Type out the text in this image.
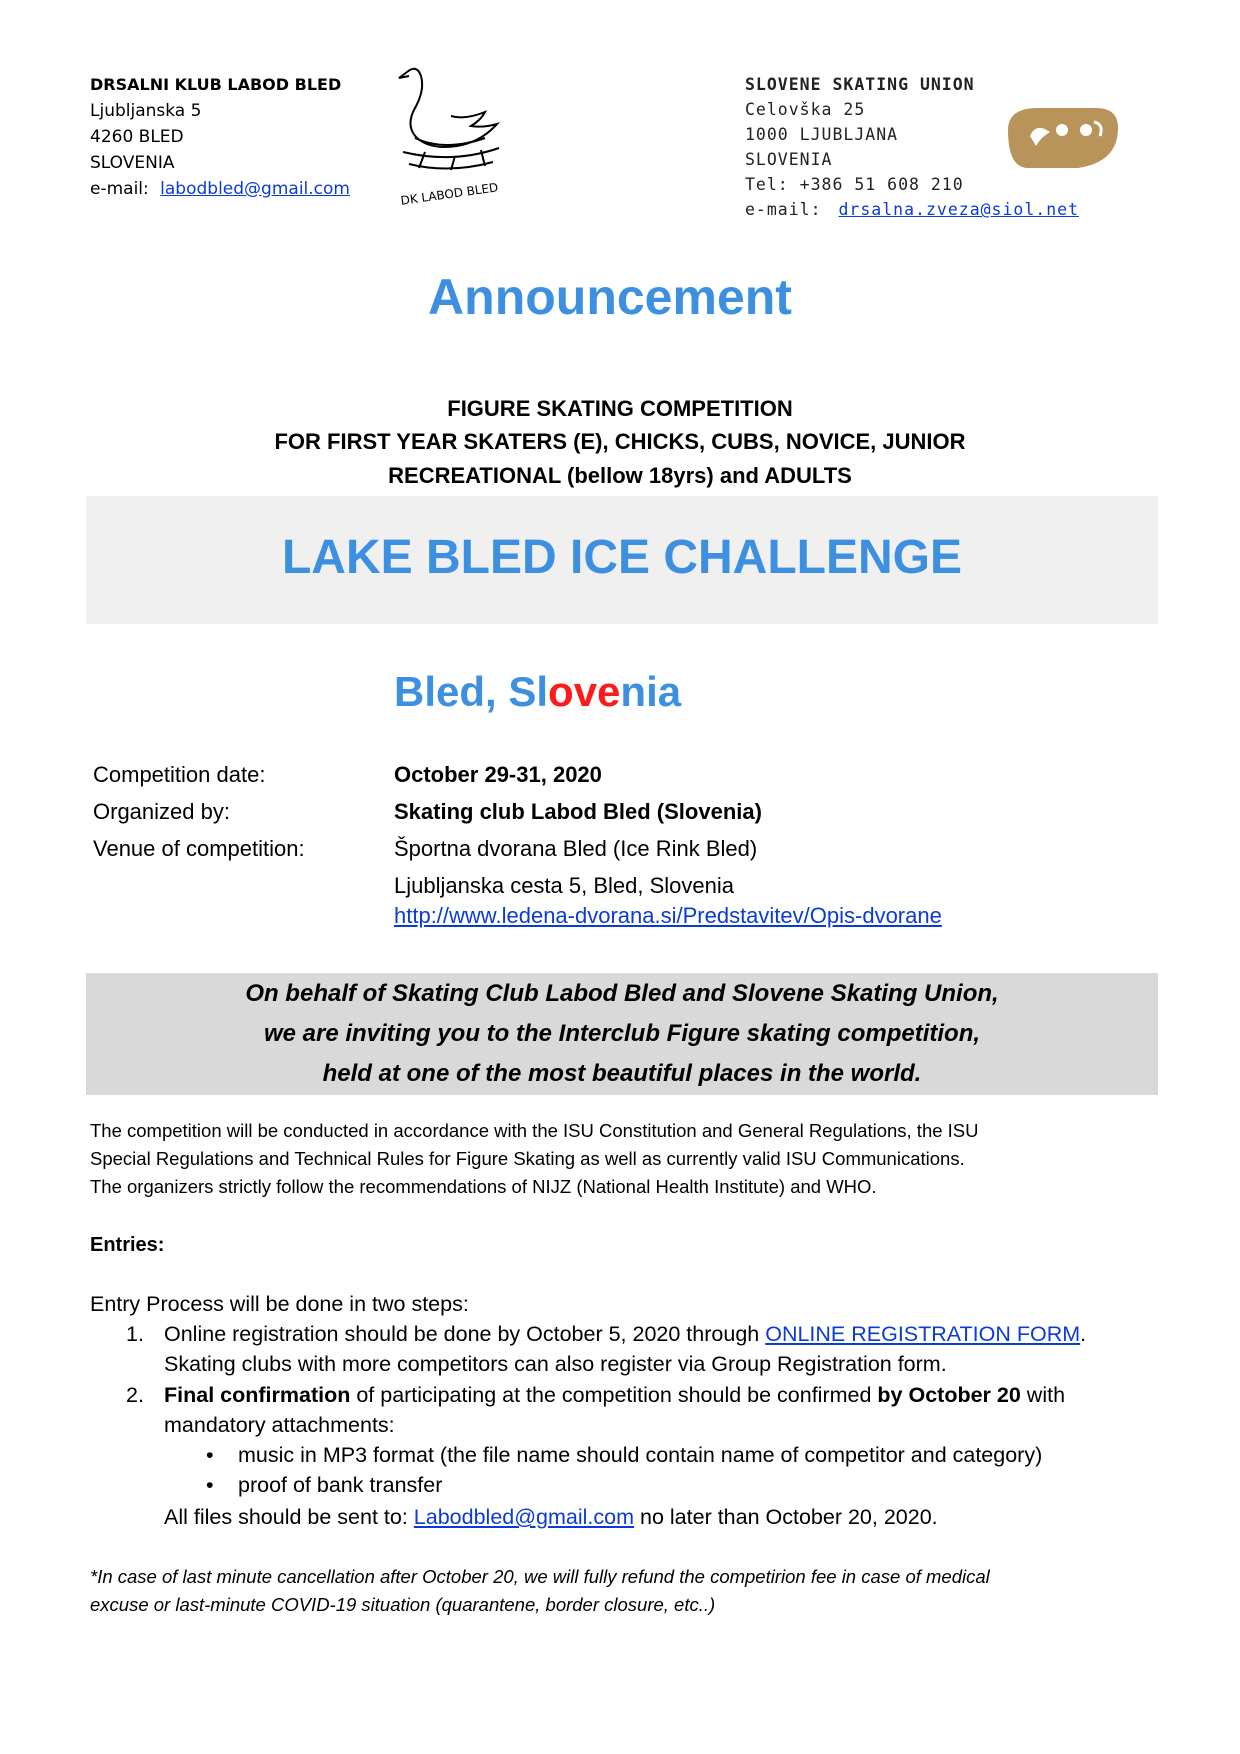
DRSALNI KLUB LABOD BLED
Ljubljanska 5
4260 BLED
SLOVENIA
e-mail: labodbled@gmail.com	DK LABOD BLED
SLOVENE SKATING UNION
Celovška 25
1000 LJUBLJANA
SLOVENIA
Tel: +386 51 608 210
e-mail: drsalna.zveza@siol.net
Announcement
FIGURE SKATING COMPETITION
FOR FIRST YEAR SKATERS (E), CHICKS, CUBS, NOVICE, JUNIOR
RECREATIONAL (bellow 18yrs) and ADULTS
LAKE BLED ICE CHALLENGE
Bled, Slovenia
Competition date:	October 29-31, 2020
Organized by:	Skating club Labod Bled (Slovenia)
Venue of competition:	Športna dvorana Bled (Ice Rink Bled)
Ljubljanska cesta 5, Bled, Slovenia
http://www.ledena-dvorana.si/Predstavitev/Opis-dvorane
On behalf of Skating Club Labod Bled and Slovene Skating Union,
we are inviting you to the Interclub Figure skating competition,
held at one of the most beautiful places in the world.
The competition will be conducted in accordance with the ISU Constitution and General Regulations, the ISU
Special Regulations and Technical Rules for Figure Skating as well as currently valid ISU Communications.
The organizers strictly follow the recommendations of NIJZ (National Health Institute) and WHO.
Entries:
Entry Process will be done in two steps:
1. Online registration should be done by October 5, 2020 through ONLINE REGISTRATION FORM.
Skating clubs with more competitors can also register via Group Registration form.
2. Final confirmation of participating at the competition should be confirmed by October 20 with
mandatory attachments:
• music in MP3 format (the file name should contain name of competitor and category)
• proof of bank transfer
All files should be sent to: Labodbled@gmail.com no later than October 20, 2020.
*In case of last minute cancellation after October 20, we will fully refund the competirion fee in case of medical
excuse or last-minute COVID-19 situation (quarantene, border closure, etc..)
